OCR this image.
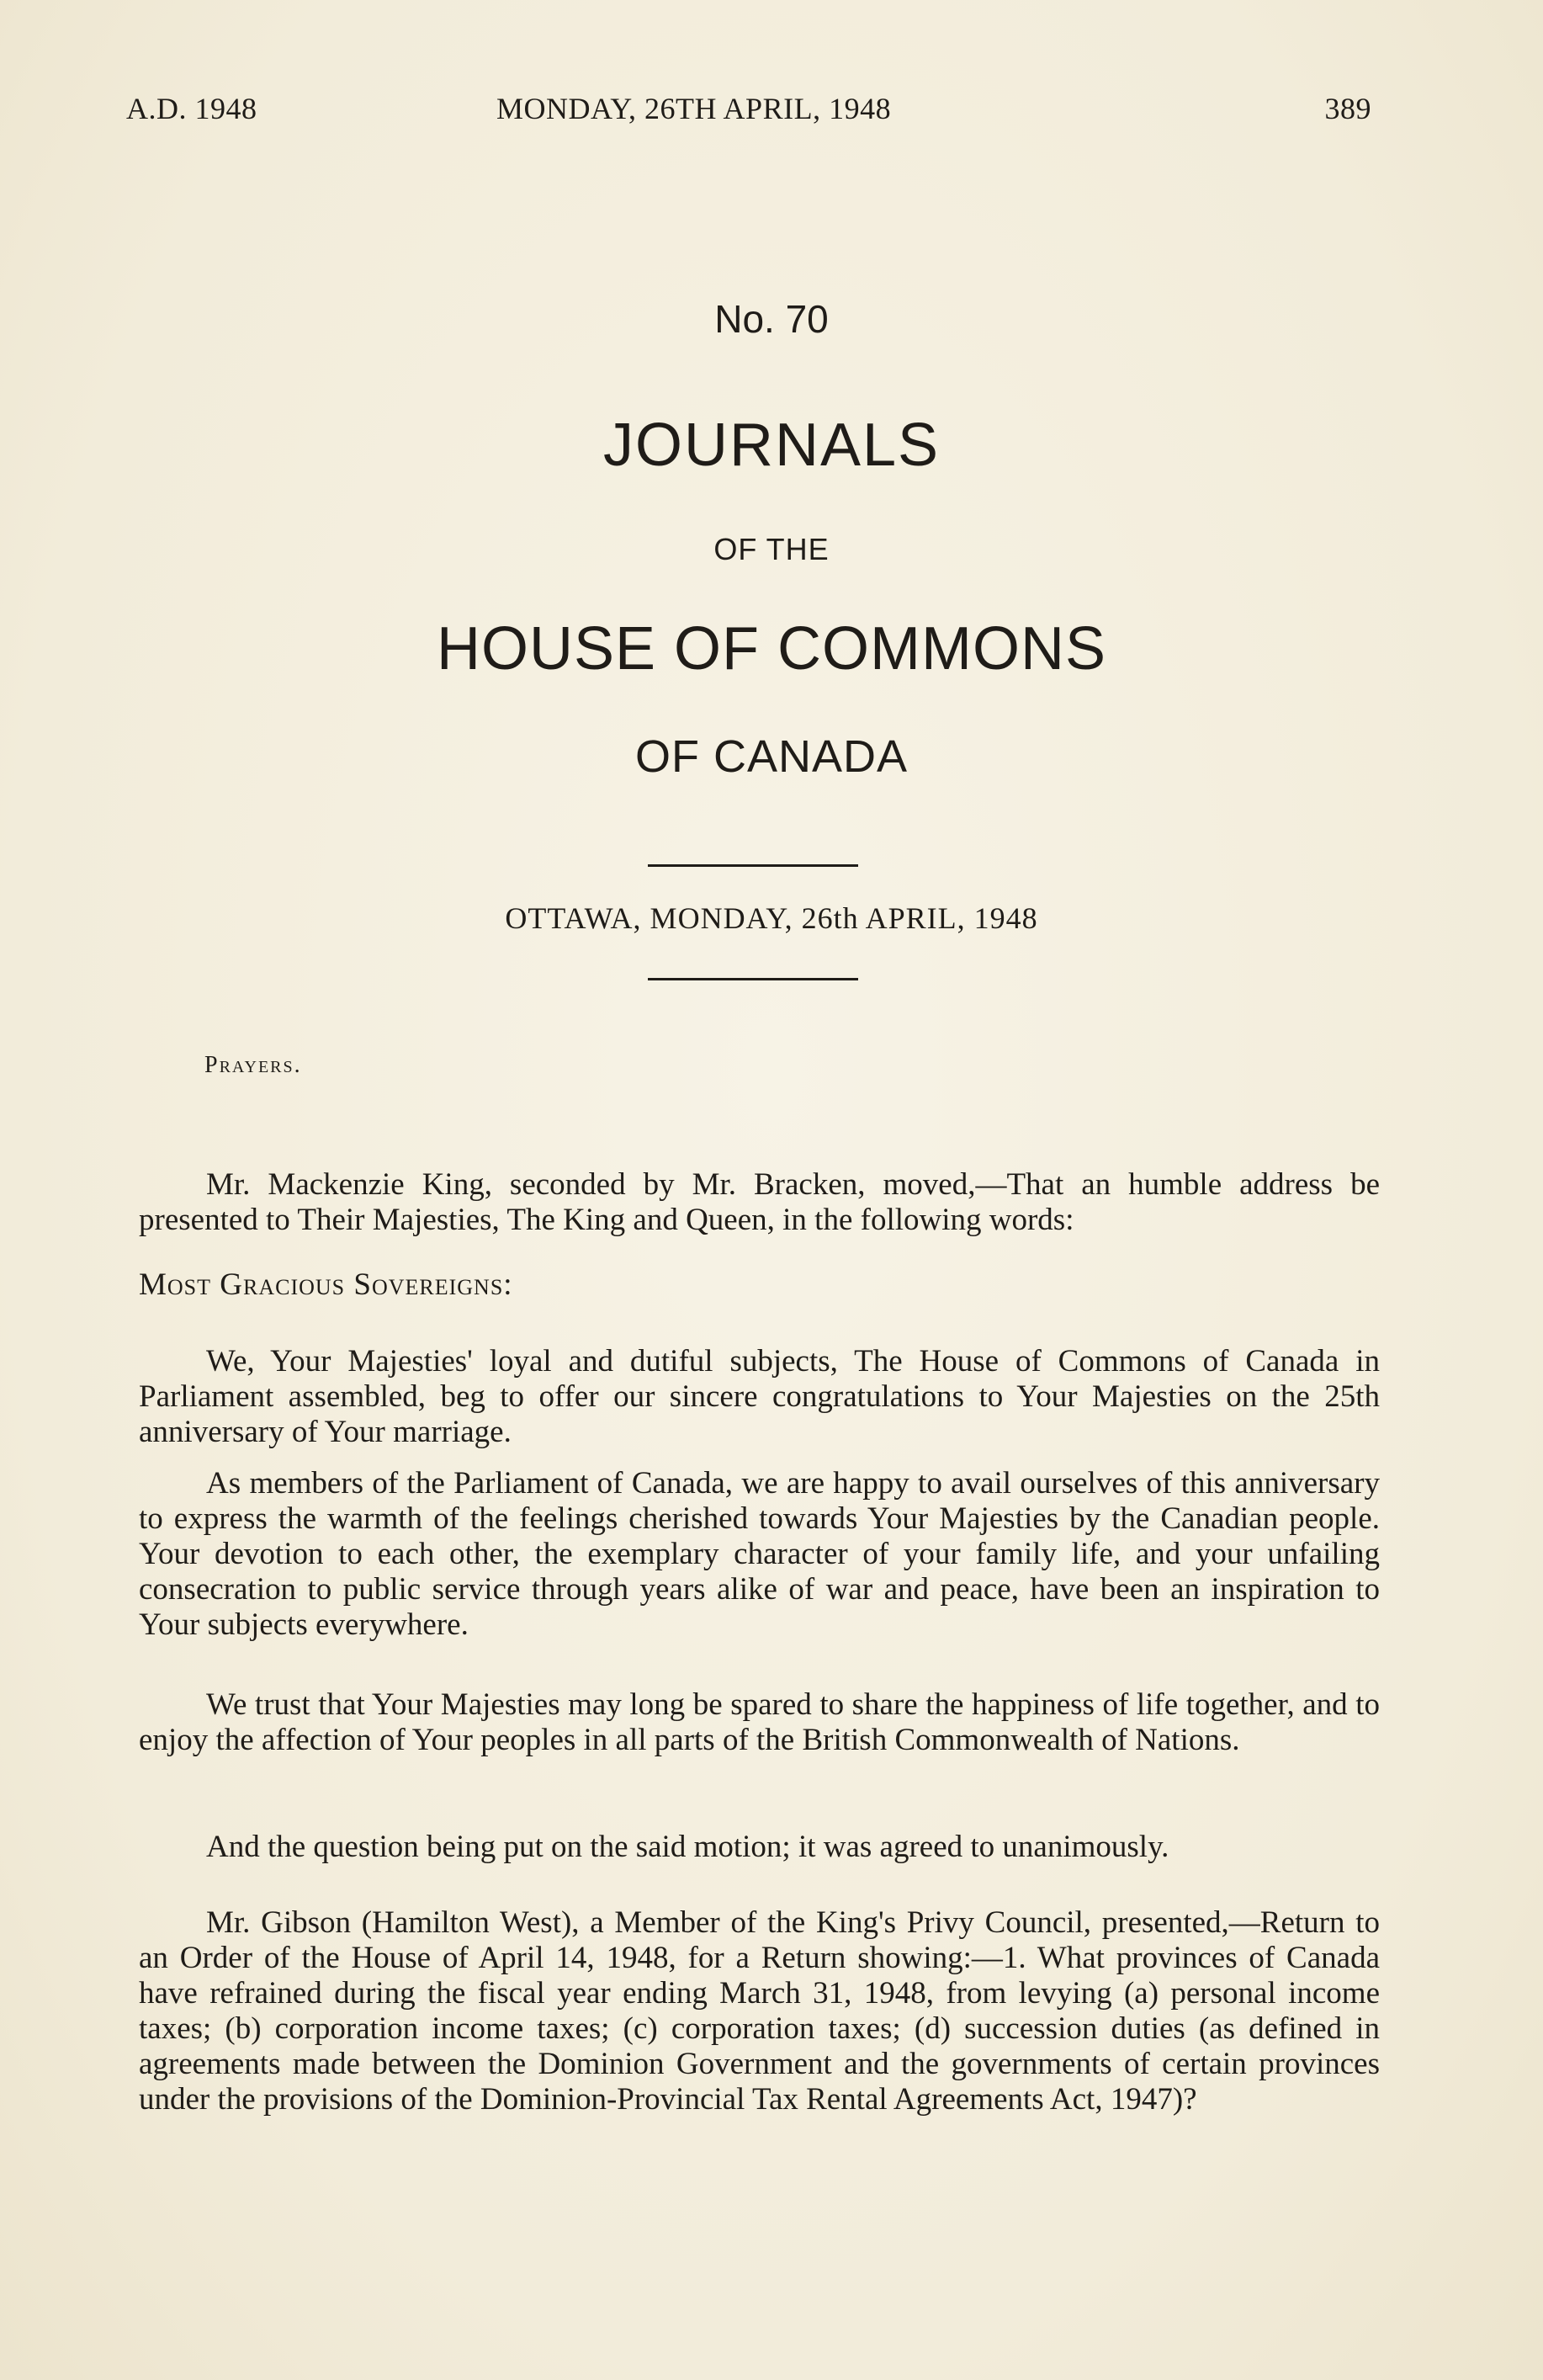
A.D. 1948	MONDAY, 26TH APRIL, 1948	389
No. 70
JOURNALS
OF THE
HOUSE OF COMMONS
OF CANADA
OTTAWA, MONDAY, 26th APRIL, 1948
Prayers.

Mr. Mackenzie King, seconded by Mr. Bracken, moved,—That an humble address be presented to Their Majesties, The King and Queen, in the following words:

Most Gracious Sovereigns:

We, Your Majesties' loyal and dutiful subjects, The House of Commons of Canada in Parliament assembled, beg to offer our sincere congratulations to Your Majesties on the 25th anniversary of Your marriage.

As members of the Parliament of Canada, we are happy to avail ourselves of this anniversary to express the warmth of the feelings cherished towards Your Majesties by the Canadian people. Your devotion to each other, the exemplary character of your family life, and your unfailing consecration to public service through years alike of war and peace, have been an inspiration to Your subjects everywhere.

We trust that Your Majesties may long be spared to share the happiness of life together, and to enjoy the affection of Your peoples in all parts of the British Commonwealth of Nations.

And the question being put on the said motion; it was agreed to unanimously.

Mr. Gibson (Hamilton West), a Member of the King's Privy Council, presented,—Return to an Order of the House of April 14, 1948, for a Return showing:—1. What provinces of Canada have refrained during the fiscal year ending March 31, 1948, from levying (a) personal income taxes; (b) corporation income taxes; (c) corporation taxes; (d) succession duties (as defined in agreements made between the Dominion Government and the governments of certain provinces under the provisions of the Dominion-Provincial Tax Rental Agreements Act, 1947)?
